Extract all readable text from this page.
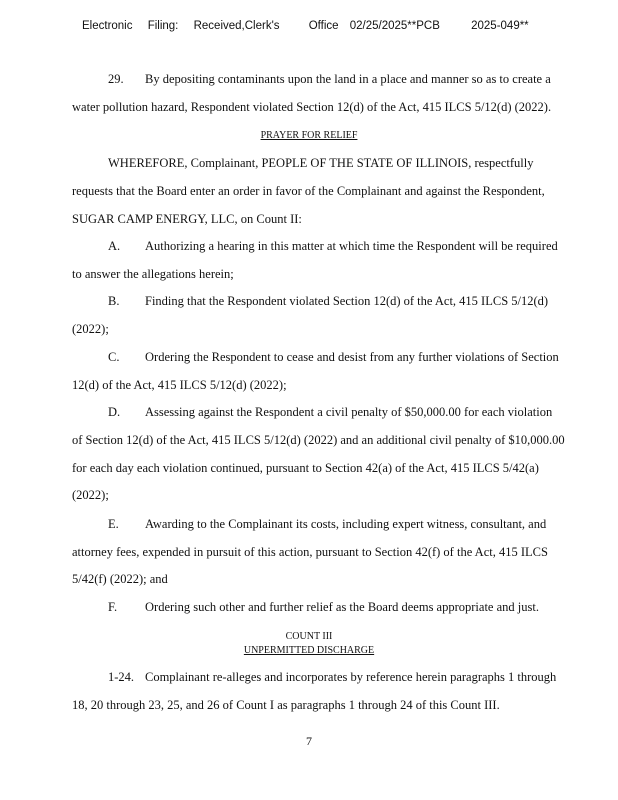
Electronic Filing: Received,Clerk's	Office 02/25/2025**PCB	2025-049**
29. By depositing contaminants upon the land in a place and manner so as to create a
water pollution hazard, Respondent violated Section 12(d) of the Act, 415 ILCS 5/12(d) (2022).
PRAYER FOR RELIEF
WHEREFORE, Complainant, PEOPLE OF THE STATE OF ILLINOIS, respectfully
requests that the Board enter an order in favor of the Complainant and against the Respondent,
SUGAR CAMP ENERGY, LLC, on Count II:
A. Authorizing a hearing in this matter at which time the Respondent will be required
to answer the allegations herein;
B. Finding that the Respondent violated Section 12(d) of the Act, 415 ILCS 5/12(d)
(2022);
C. Ordering the Respondent to cease and desist from any further violations of Section
12(d) of the Act, 415 ILCS 5/12(d) (2022);
D. Assessing against the Respondent a civil penalty of $50,000.00 for each violation
of Section 12(d) of the Act, 415 ILCS 5/12(d) (2022) and an additional civil penalty of $10,000.00
for each day each violation continued, pursuant to Section 42(a) of the Act, 415 ILCS 5/42(a)
(2022);
E. Awarding to the Complainant its costs, including expert witness, consultant, and
attorney fees, expended in pursuit of this action, pursuant to Section 42(f) of the Act, 415 ILCS
5/42(f) (2022); and
F. Ordering such other and further relief as the Board deems appropriate and just.
COUNT III
UNPERMITTED DISCHARGE
1-24. Complainant re-alleges and incorporates by reference herein paragraphs 1 through
18, 20 through 23, 25, and 26 of Count I as paragraphs 1 through 24 of this Count III.
7
